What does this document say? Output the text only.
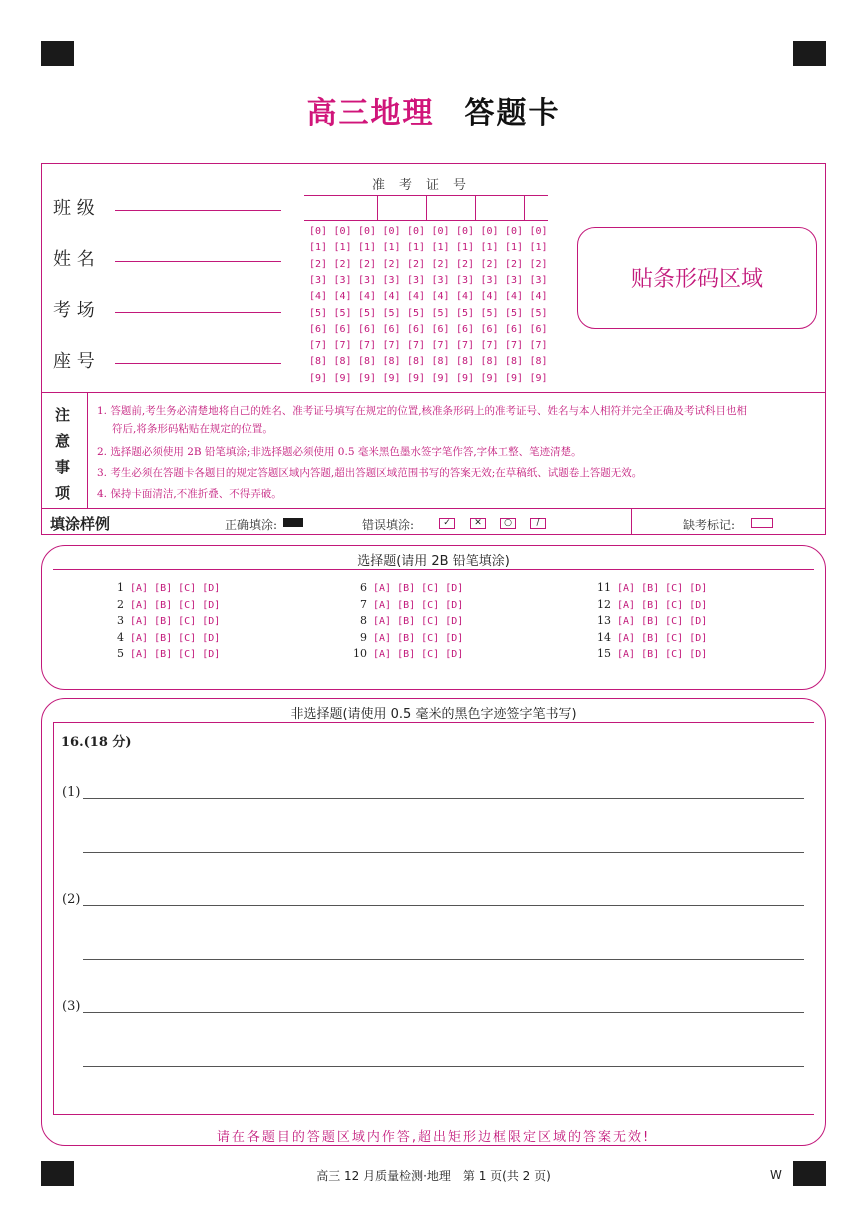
高三地理 答题卡
班 级
姓 名
考 场
座 号
准考证号
[0] [0] [0] [0] [0] [0] [0] [0] [0] [0]
[1] [1] [1] [1] [1] [1] [1] [1] [1] [1]
[2] [2] [2] [2] [2] [2] [2] [2] [2] [2]
[3] [3] [3] [3] [3] [3] [3] [3] [3] [3]
[4] [4] [4] [4] [4] [4] [4] [4] [4] [4]
[5] [5] [5] [5] [5] [5] [5] [5] [5] [5]
[6] [6] [6] [6] [6] [6] [6] [6] [6] [6]
[7] [7] [7] [7] [7] [7] [7] [7] [7] [7]
[8] [8] [8] [8] [8] [8] [8] [8] [8] [8]
[9] [9] [9] [9] [9] [9] [9] [9] [9] [9]
贴条形码区域
注
意
事
项
1. 答题前,考生务必清楚地将自己的姓名、准考证号填写在规定的位置,核准条形码上的准考证号、姓名与本人相符并完全正确及考试科目也相
符后,将条形码粘贴在规定的位置。
2. 选择题必须使用 2B 铅笔填涂;非选择题必须使用 0.5 毫米黑色墨水签字笔作答,字体工整、笔迹清楚。
3. 考生必须在答题卡各题目的规定答题区域内答题,超出答题区域范围书写的答案无效;在草稿纸、试题卷上答题无效。
4. 保持卡面清洁,不准折叠、不得弄破。
填涂样例	正确填涂:	错误填涂:	✓	✕	○	/	缺考标记:
选择题(请用 2B 铅笔填涂)
1 [A] [B] [C] [D]
2 [A] [B] [C] [D]
3 [A] [B] [C] [D]
4 [A] [B] [C] [D]
5 [A] [B] [C] [D]
6 [A] [B] [C] [D]
7 [A] [B] [C] [D]
8 [A] [B] [C] [D]
9 [A] [B] [C] [D]
10 [A] [B] [C] [D]
11 [A] [B] [C] [D]
12 [A] [B] [C] [D]
13 [A] [B] [C] [D]
14 [A] [B] [C] [D]
15 [A] [B] [C] [D]
非选择题(请使用 0.5 毫米的黑色字迹签字笔书写)
16.(18 分)
(1)
(2)
(3)
请在各题目的答题区域内作答,超出矩形边框限定区域的答案无效!
高三 12 月质量检测·地理　第 1 页(共 2 页)	W
